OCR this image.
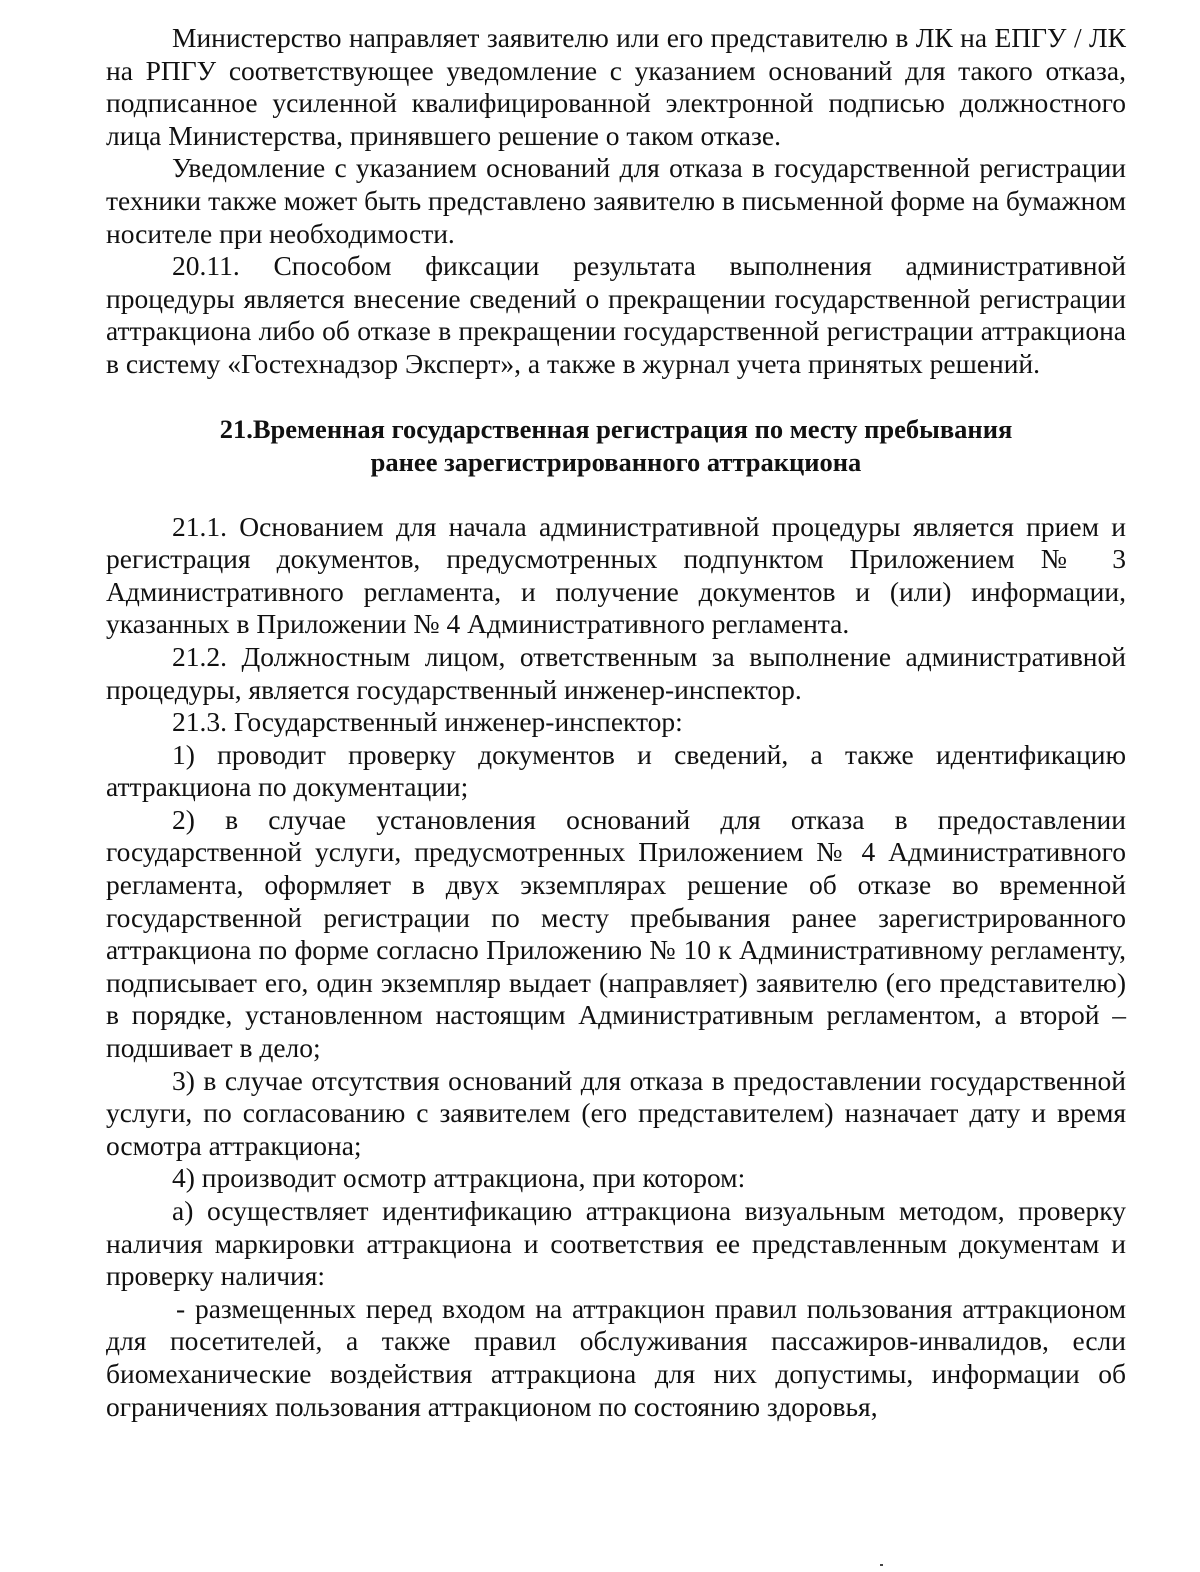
Министерство направляет заявителю или его представителю в ЛК на ЕПГУ / ЛК на РПГУ соответствующее уведомление с указанием оснований для такого отказа, подписанное усиленной квалифицированной электронной подписью должностного лица Министерства, принявшего решение о таком отказе.

Уведомление с указанием оснований для отказа в государственной регистрации техники также может быть представлено заявителю в письменной форме на бумажном носителе при необходимости.

20.11. Способом фиксации результата выполнения административной процедуры является внесение сведений о прекращении государственной регистрации аттракциона либо об отказе в прекращении государственной регистрации аттракциона в систему «Гостехнадзор Эксперт», а также в журнал учета принятых решений.

21.Временная государственная регистрация по месту пребывания
ранее зарегистрированного аттракциона

21.1. Основанием для начала административной процедуры является прием и регистрация документов, предусмотренных подпунктом Приложением № 3 Административного регламента, и получение документов и (или) информации, указанных в Приложении № 4 Административного регламента.

21.2. Должностным лицом, ответственным за выполнение административной процедуры, является государственный инженер-инспектор.

21.3. Государственный инженер-инспектор:

1) проводит проверку документов и сведений, а также идентификацию аттракциона по документации;

2) в случае установления оснований для отказа в предоставлении государственной услуги, предусмотренных Приложением № 4 Административного регламента, оформляет в двух экземплярах решение об отказе во временной государственной регистрации по месту пребывания ранее зарегистрированного аттракциона по форме согласно Приложению № 10 к Административному регламенту, подписывает его, один экземпляр выдает (направляет) заявителю (его представителю) в порядке, установленном настоящим Административным регламентом, а второй – подшивает в дело;

3) в случае отсутствия оснований для отказа в предоставлении государственной услуги, по согласованию с заявителем (его представителем) назначает дату и время осмотра аттракциона;

4) производит осмотр аттракциона, при котором:

а) осуществляет идентификацию аттракциона визуальным методом, проверку наличия маркировки аттракциона и соответствия ее представленным документам и проверку наличия:

- размещенных перед входом на аттракцион правил пользования аттракционом для посетителей, а также правил обслуживания пассажиров-инвалидов, если биомеханические воздействия аттракциона для них допустимы, информации об ограничениях пользования аттракционом по состоянию здоровья,
